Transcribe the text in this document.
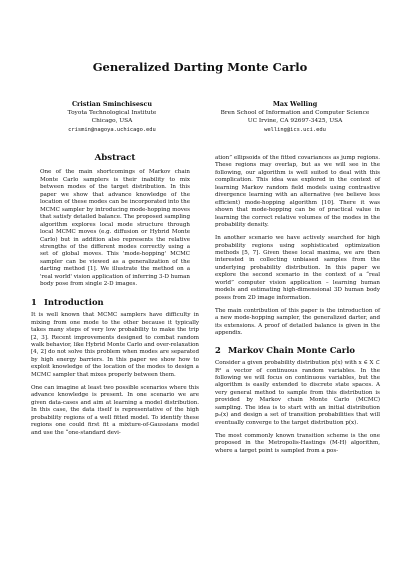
Generalized Darting Monte Carlo
Cristian Sminchisescu
Toyota Technological Institute
Chicago, USA
crismin@nagoya.uchicago.edu
Max Welling
Bren School of Information and Computer Science
UC Irvine, CA 92697-3425, USA
welling@ics.uci.edu
Abstract

One of the main shortcomings of Markov chain Monte Carlo samplers is their inability to mix between modes of the target distribution. In this paper we show that advance knowledge of the location of these modes can be incorporated into the MCMC sampler by introducing mode-hopping moves that satisfy detailed balance. The proposed sampling algorithm explores local mode structure through local MCMC moves (e.g. diffusion or Hybrid Monte Carlo) but in addition also represents the relative strengths of the different modes correctly using a set of global moves. This 'mode-hopping' MCMC sampler can be viewed as a generalization of the darting method [1]. We illustrate the method on a 'real world' vision application of inferring 3-D human body pose from single 2-D images.

1 Introduction

It is well known that MCMC samplers have difficulty in mixing from one mode to the other because it typically takes many steps of very low probability to make the trip [2, 3]. Recent improvements designed to combat random walk behavior, like Hybrid Monte Carlo and over-relaxation [4, 2] do not solve this problem when modes are separated by high energy barriers. In this paper we show how to exploit knowledge of the location of the modes to design a MCMC sampler that mixes properly between them.

One can imagine at least two possible scenarios where this advance knowledge is present. In one scenario we are given data-cases and aim at learning a model distribution. In this case, the data itself is representative of the high probability regions of a well fitted model. To identify these regions one could first fit a mixture-of-Gaussians model and use the “one-standard devi-

ation” ellipsoids of the fitted covariances as jump regions. These regions may overlap, but as we will see in the following, our algorithm is well suited to deal with this complication. This idea was explored in the context of learning Markov random field models using contrastive divergence learning with an alternative (we believe less efficient) mode-hopping algorithm [10]. There it was shown that mode-hopping can be of practical value in learning the correct relative volumes of the modes in the probability density.

In another scenario we have actively searched for high probability regions using sophisticated optimization methods [5, 7]. Given these local maxima, we are then interested in collecting unbiased samples from the underlying probability distribution. In this paper we explore the second scenario in the context of a “real world” computer vision application – learning human models and estimating high-dimensional 3D human body poses from 2D image information.

The main contribution of this paper is the introduction of a new mode-hopping sampler, the generalized darter, and its extensions. A proof of detailed balance is given in the appendix.

2 Markov Chain Monte Carlo

Consider a given probability distribution p(x) with x ∈ X ⊂ Rᵈ a vector of continuous random variables. In the following we will focus on continuous variables, but the algorithm is easily extended to discrete state spaces. A very general method to sample from this distribution is provided by Markov chain Monte Carlo (MCMC) sampling. The idea is to start with an initial distribution p₀(x) and design a set of transition probabilities that will eventually converge to the target distribution p(x).

The most commonly known transition scheme is the one proposed in the Metropolis-Hastings (M-H) algorithm, where a target point is sampled from a pos-
